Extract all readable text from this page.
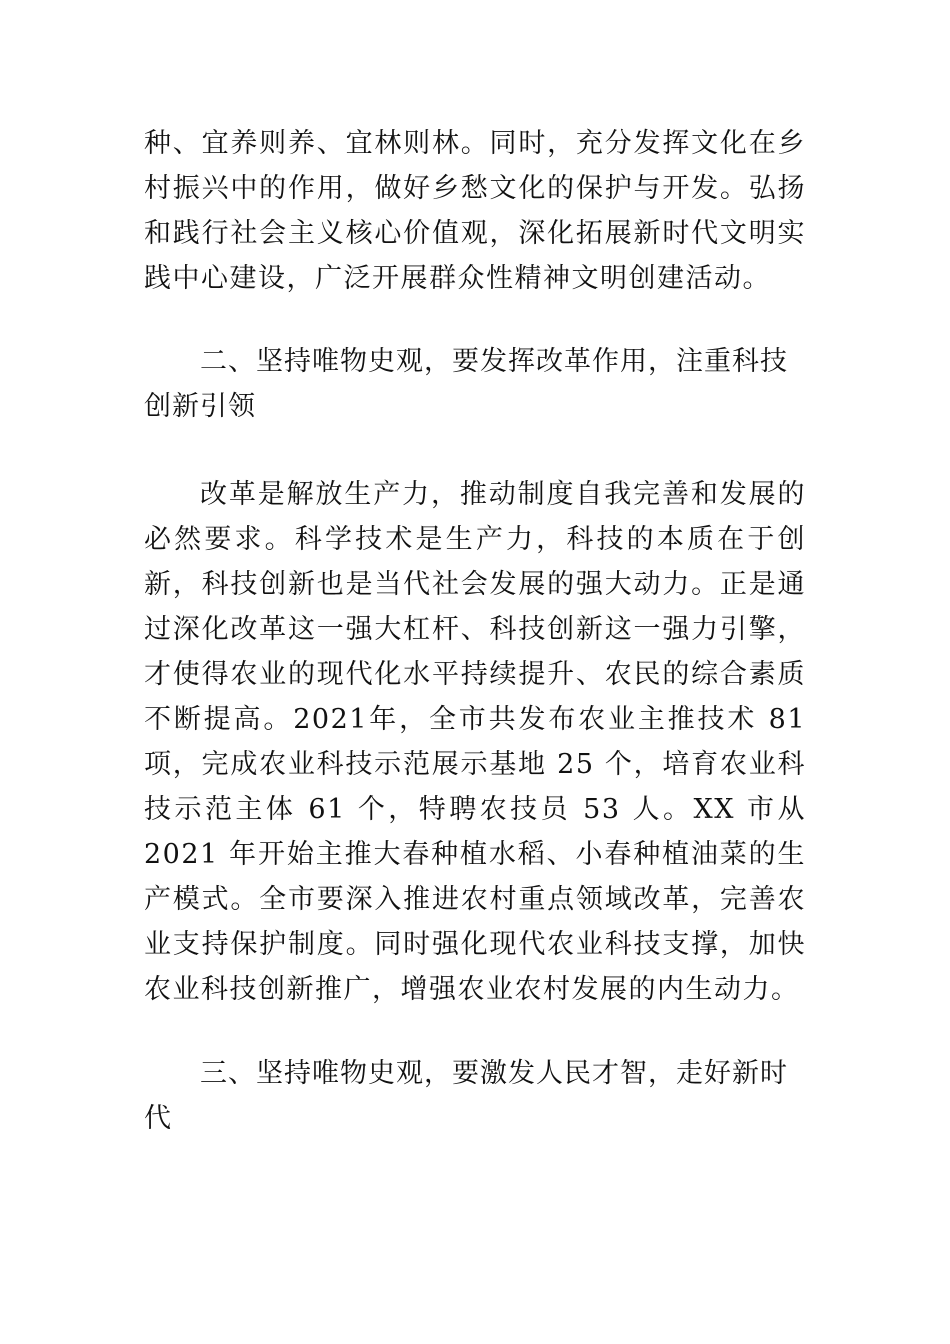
种、宜养则养、宜林则林。同时，充分发挥文化在乡村振兴中的作用，做好乡愁文化的保护与开发。弘扬和践行社会主义核心价值观，深化拓展新时代文明实践中心建设，广泛开展群众性精神文明创建活动。

二、坚持唯物史观，要发挥改革作用，注重科技创新引领

改革是解放生产力，推动制度自我完善和发展的必然要求。科学技术是生产力，科技的本质在于创新，科技创新也是当代社会发展的强大动力。正是通过深化改革这一强大杠杆、科技创新这一强力引擎，才使得农业的现代化水平持续提升、农民的综合素质不断提高。2021年，全市共发布农业主推技术 81 项，完成农业科技示范展示基地 25 个，培育农业科技示范主体 61 个，特聘农技员 53 人。XX 市从 2021 年开始主推大春种植水稻、小春种植油菜的生产模式。全市要深入推进农村重点领域改革，完善农业支持保护制度。同时强化现代农业科技支撑，加快农业科技创新推广，增强农业农村发展的内生动力。

三、坚持唯物史观，要激发人民才智，走好新时代
